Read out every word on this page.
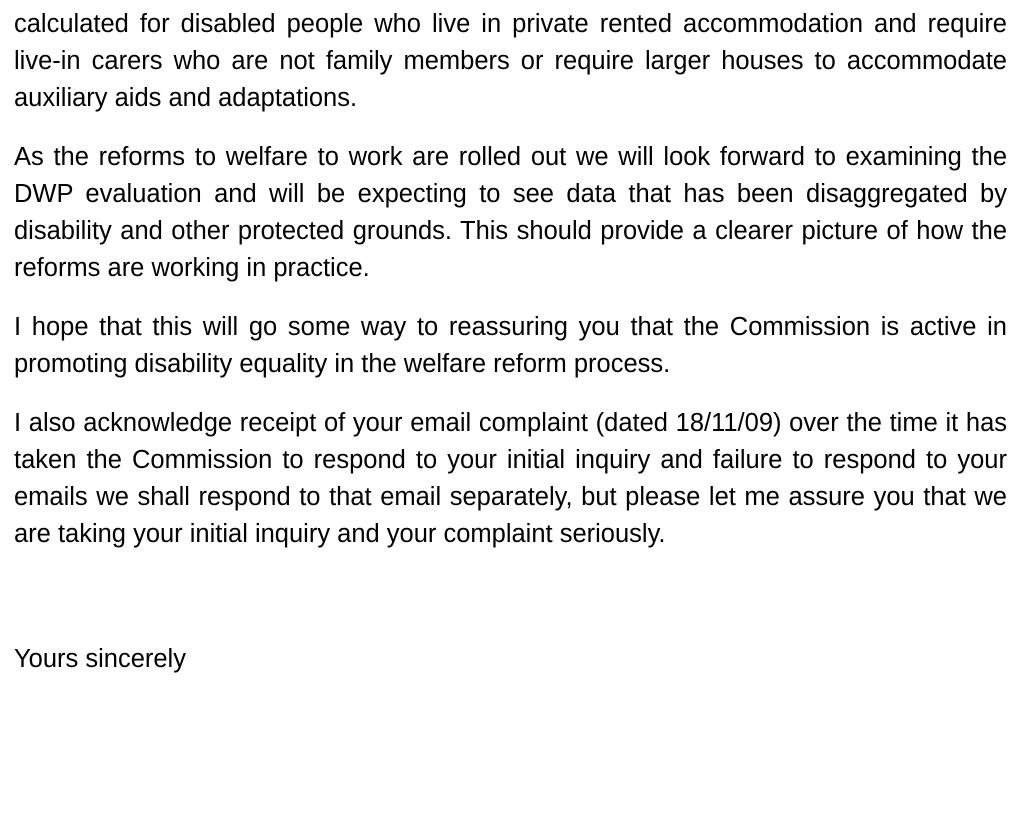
calculated for disabled people who live in private rented accommodation and require live-in carers who are not family members or require larger houses to accommodate auxiliary aids and adaptations.

As the reforms to welfare to work are rolled out we will look forward to examining the DWP evaluation and will be expecting to see data that has been disaggregated by disability and other protected grounds. This should provide a clearer picture of how the reforms are working in practice.

I hope that this will go some way to reassuring you that the Commission is active in promoting disability equality in the welfare reform process.

I also acknowledge receipt of your email complaint (dated 18/11/09) over the time it has taken the Commission to respond to your initial inquiry and failure to respond to your emails we shall respond to that email separately, but please let me assure you that we are taking your initial inquiry and your complaint seriously.

Yours sincerely
